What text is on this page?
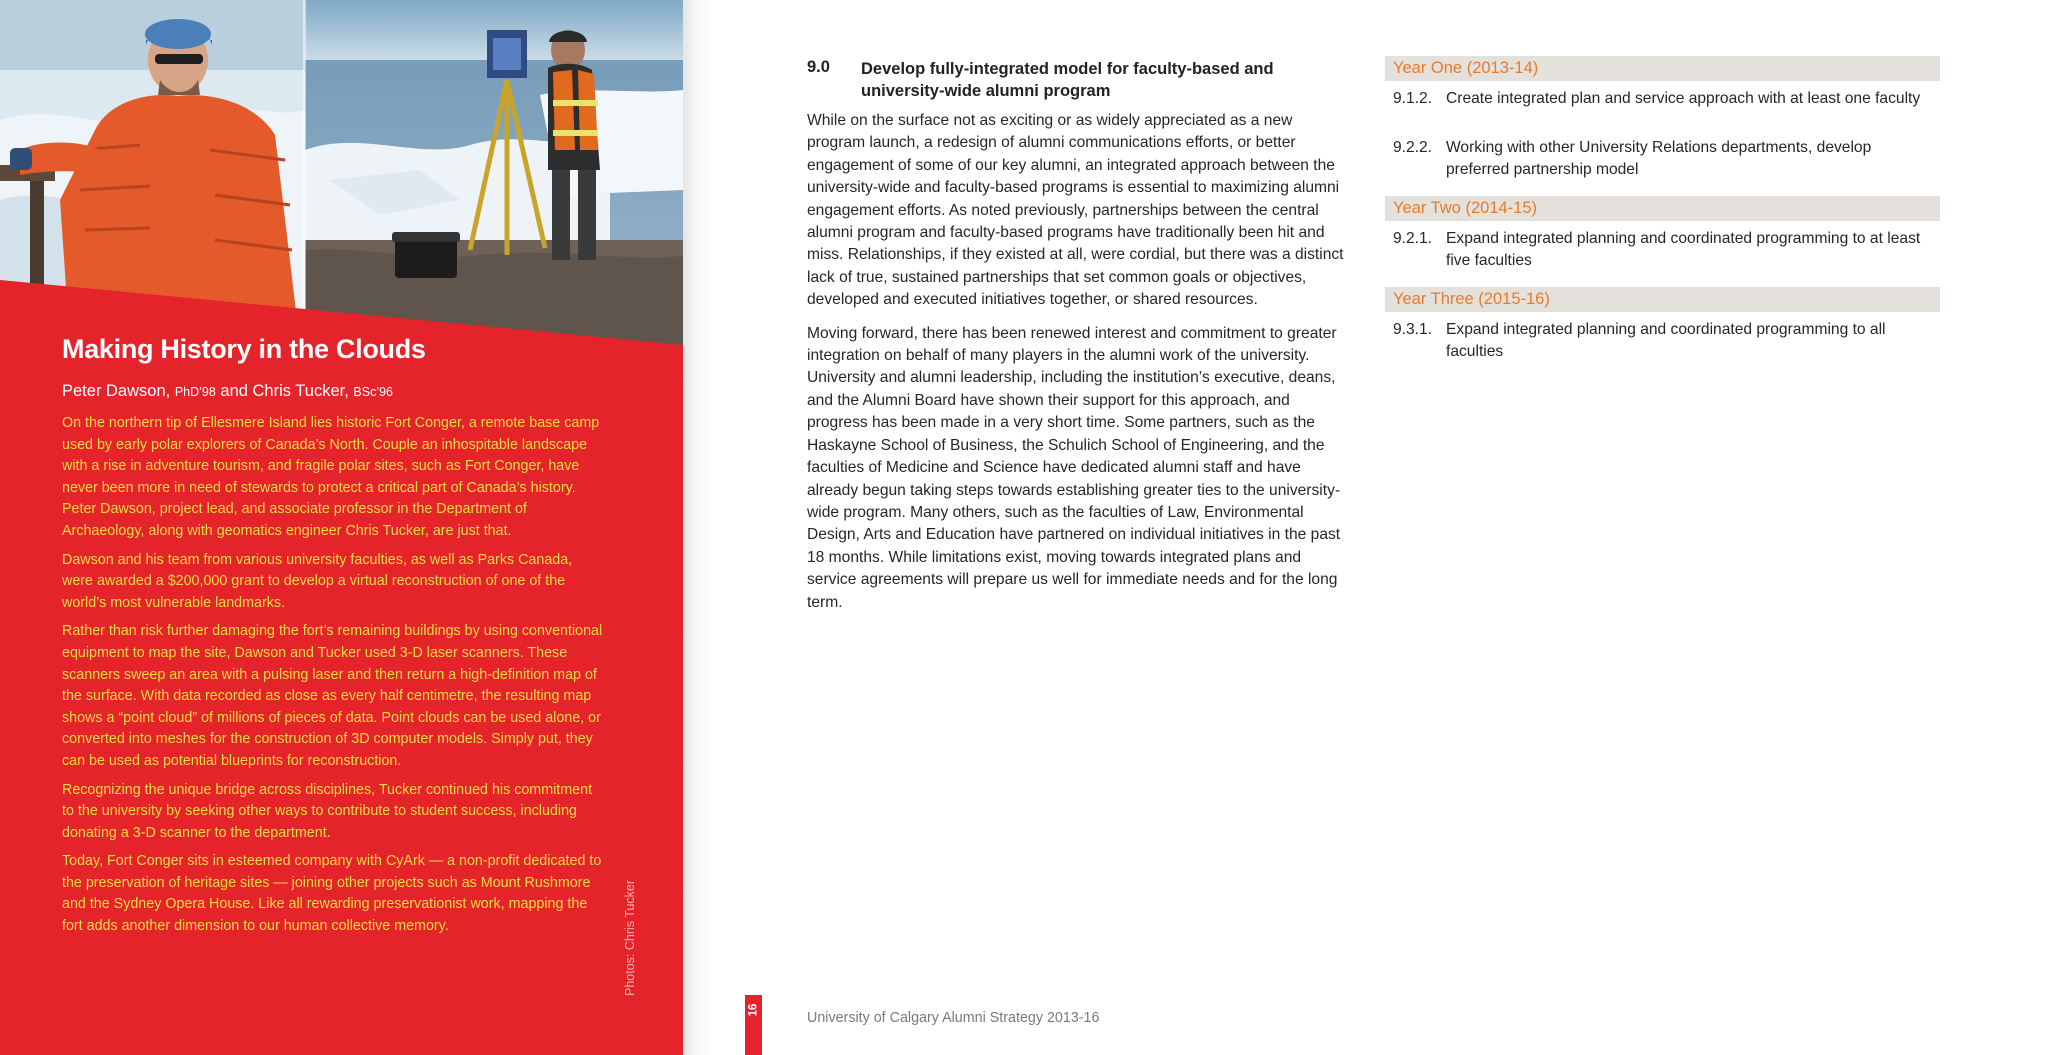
Making History in the Clouds
Peter Dawson, PhD’98 and Chris Tucker, BSc’96

On the northern tip of Ellesmere Island lies historic Fort Conger, a remote base camp used by early polar explorers of Canada’s North. Couple an inhospitable landscape with a rise in adventure tourism, and fragile polar sites, such as Fort Conger, have never been more in need of stewards to protect a critical part of Canada’s history. Peter Dawson, project lead, and associate professor in the Department of Archaeology, along with geomatics engineer Chris Tucker, are just that.

Dawson and his team from various university faculties, as well as Parks Canada, were awarded a $200,000 grant to develop a virtual reconstruction of one of the world’s most vulnerable landmarks.

Rather than risk further damaging the fort’s remaining buildings by using conventional equipment to map the site, Dawson and Tucker used 3-D laser scanners. These scanners sweep an area with a pulsing laser and then return a high-definition map of the surface. With data recorded as close as every half centimetre, the resulting map shows a “point cloud” of millions of pieces of data. Point clouds can be used alone, or converted into meshes for the construction of 3D computer models. Simply put, they can be used as potential blueprints for reconstruction.

Recognizing the unique bridge across disciplines, Tucker continued his commitment to the university by seeking other ways to contribute to student success, including donating a 3-D scanner to the department.

Today, Fort Conger sits in esteemed company with CyArk — a non-profit dedicated to the preservation of heritage sites — joining other projects such as Mount Rushmore and the Sydney Opera House. Like all rewarding preservationist work, mapping the fort adds another dimension to our human collective memory.	Photos: Chris Tucker
9.0 Develop fully-integrated model for faculty-based and university-wide alumni program

While on the surface not as exciting or as widely appreciated as a new program launch, a redesign of alumni communications efforts, or better engagement of some of our key alumni, an integrated approach between the university-wide and faculty-based programs is essential to maximizing alumni engagement efforts. As noted previously, partnerships between the central alumni program and faculty-based programs have traditionally been hit and miss. Relationships, if they existed at all, were cordial, but there was a distinct lack of true, sustained partnerships that set common goals or objectives, developed and executed initiatives together, or shared resources.

Moving forward, there has been renewed interest and commitment to greater integration on behalf of many players in the alumni work of the university. University and alumni leadership, including the institution’s executive, deans, and the Alumni Board have shown their support for this approach, and progress has been made in a very short time. Some partners, such as the Haskayne School of Business, the Schulich School of Engineering, and the faculties of Medicine and Science have dedicated alumni staff and have already begun taking steps towards establishing greater ties to the university-wide program. Many others, such as the faculties of Law, Environmental Design, Arts and Education have partnered on individual initiatives in the past 18 months. While limitations exist, moving towards integrated plans and service agreements will prepare us well for immediate needs and for the long term.

Year One (2013-14)
9.1.2. Create integrated plan and service approach with at least one faculty
9.2.2. Working with other University Relations departments, develop preferred partnership model
Year Two (2014-15)
9.2.1. Expand integrated planning and coordinated programming to at least five faculties
Year Three (2015-16)
9.3.1. Expand integrated planning and coordinated programming to all faculties
16	University of Calgary Alumni Strategy 2013-16
